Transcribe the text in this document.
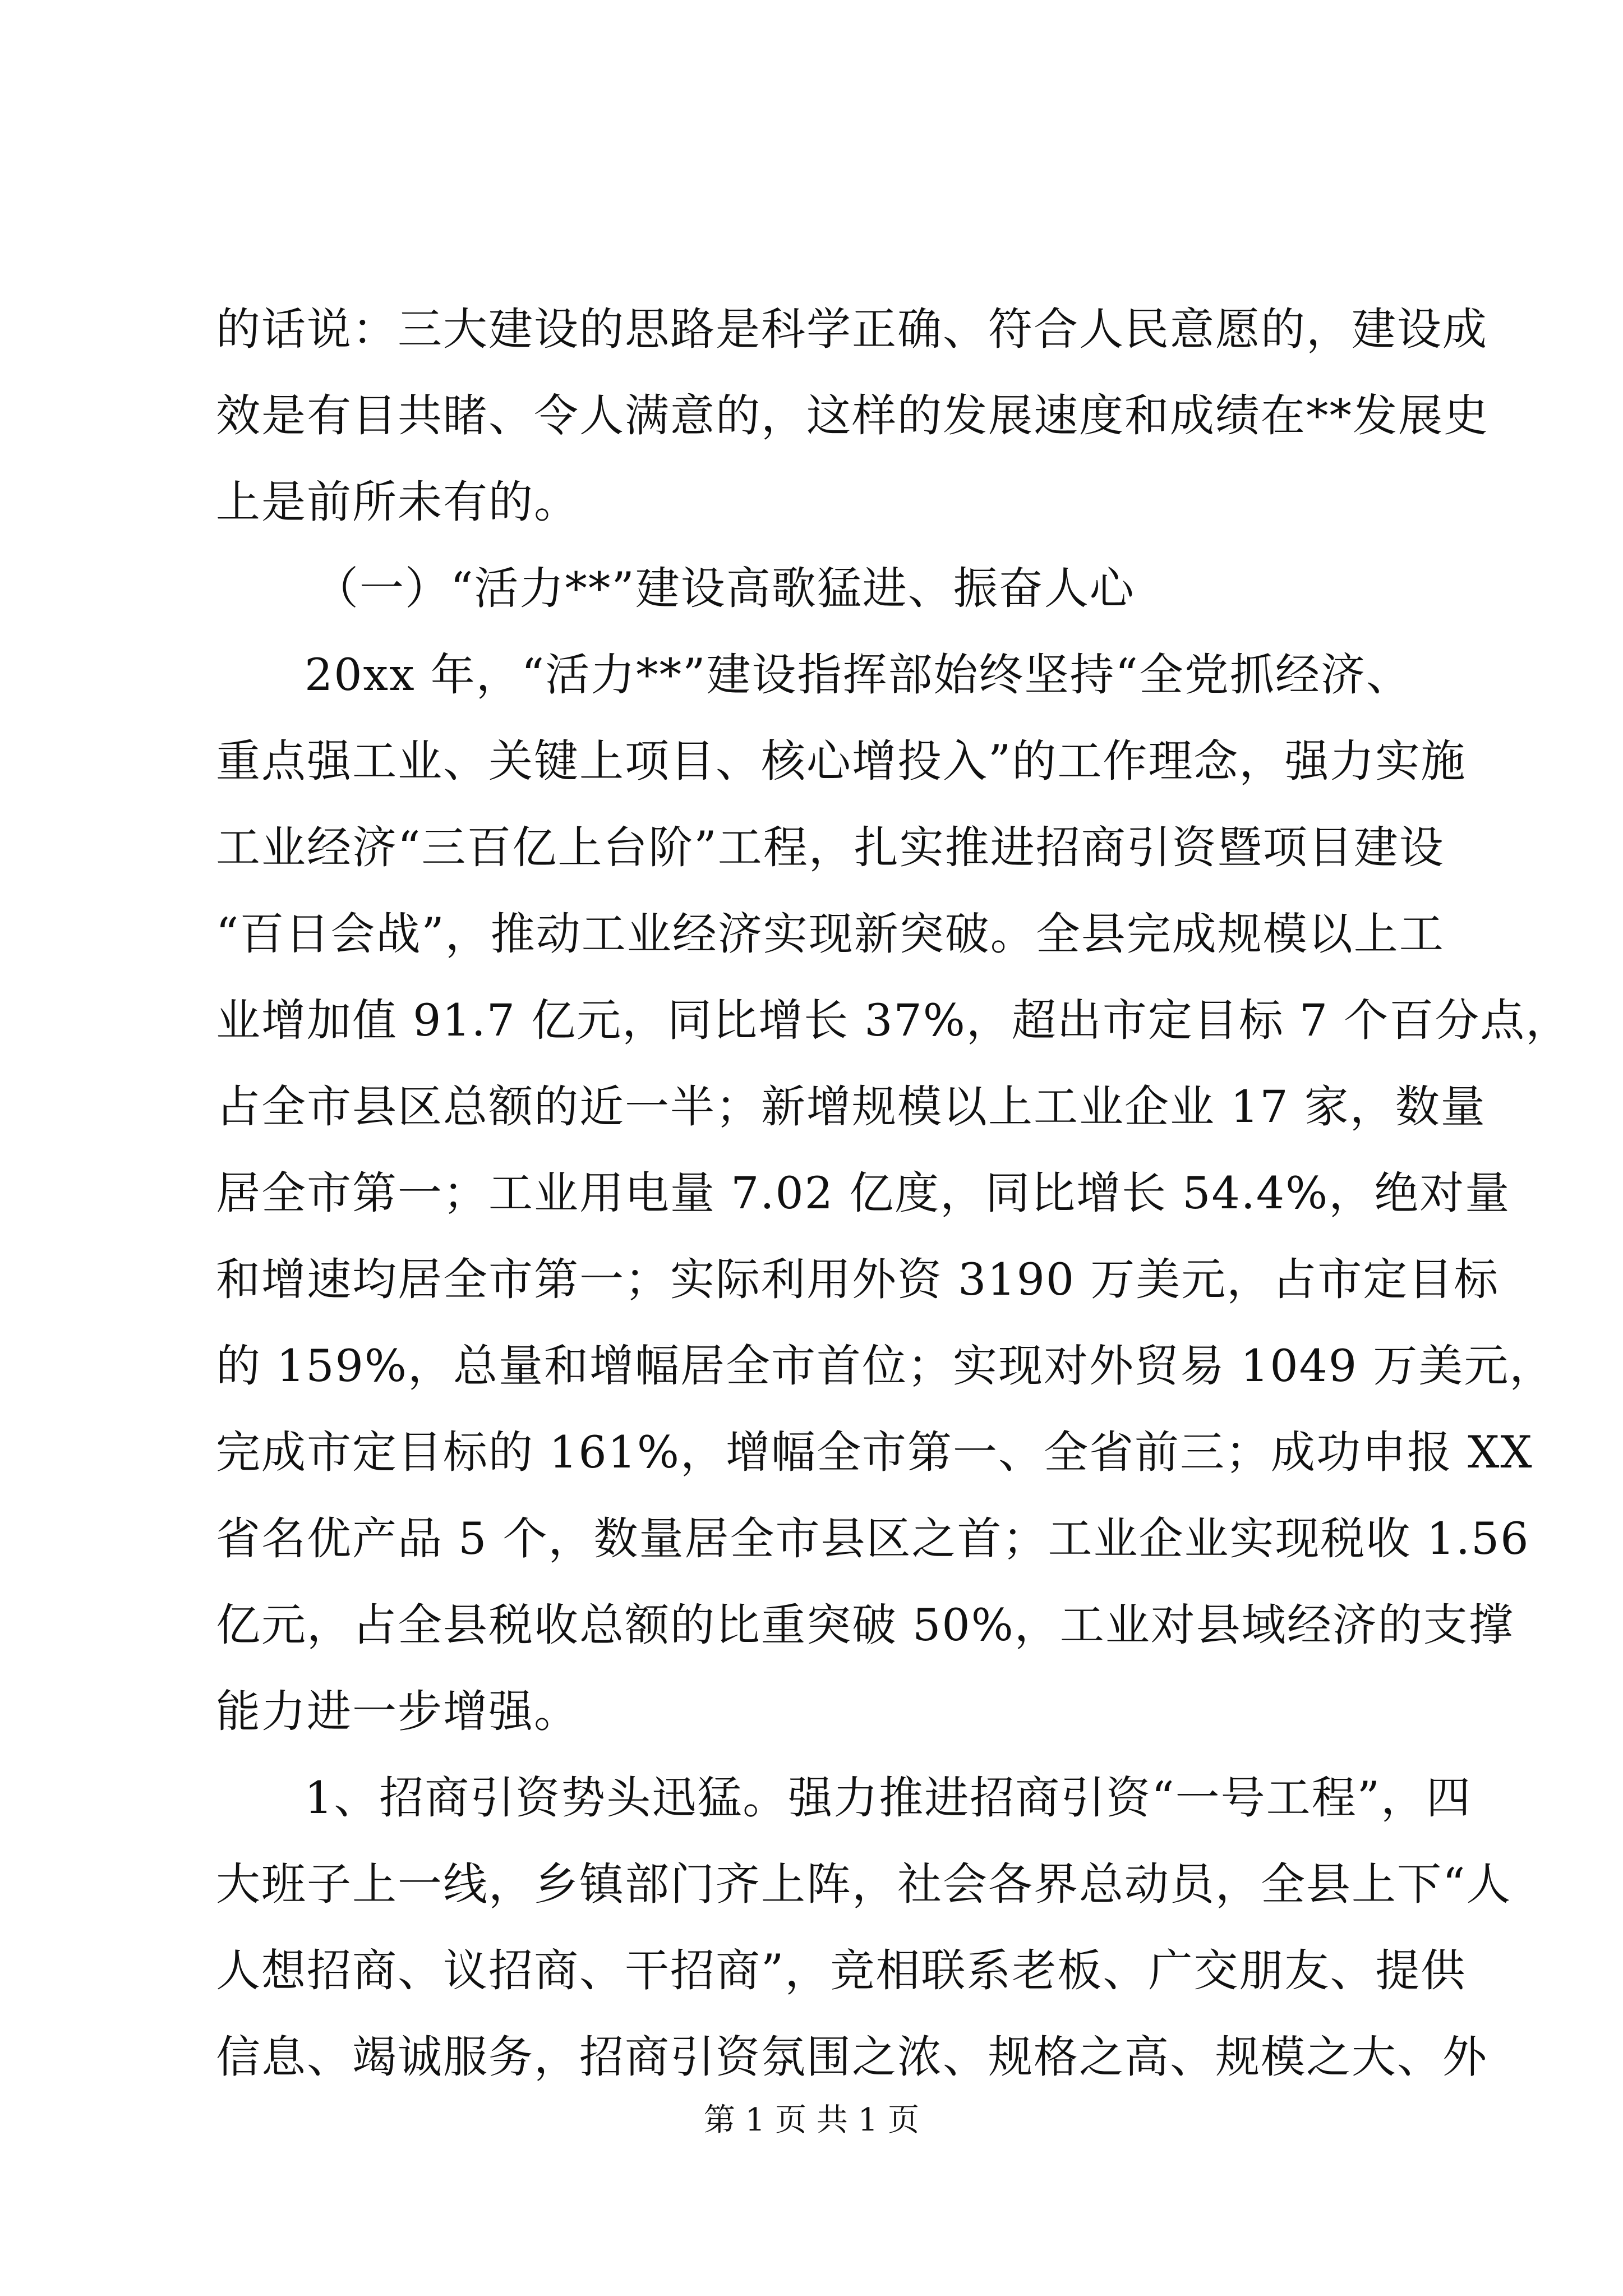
的话说：三大建设的思路是科学正确、符合人民意愿的，建设成
效是有目共睹、令人满意的，这样的发展速度和成绩在**发展史
上是前所未有的。
（一）“活力**”建设高歌猛进、振奋人心
20xx 年，“活力**”建设指挥部始终坚持“全党抓经济、
重点强工业、关键上项目、核心增投入”的工作理念，强力实施
工业经济“三百亿上台阶”工程，扎实推进招商引资暨项目建设
“百日会战”，推动工业经济实现新突破。全县完成规模以上工
业增加值 91.7 亿元，同比增长 37%，超出市定目标 7 个百分点，
占全市县区总额的近一半；新增规模以上工业企业 17 家，数量
居全市第一；工业用电量 7.02 亿度，同比增长 54.4%，绝对量
和增速均居全市第一；实际利用外资 3190 万美元，占市定目标
的 159%，总量和增幅居全市首位；实现对外贸易 1049 万美元，
完成市定目标的 161%，增幅全市第一、全省前三；成功申报 XX
省名优产品 5 个，数量居全市县区之首；工业企业实现税收 1.56
亿元，占全县税收总额的比重突破 50%，工业对县域经济的支撑
能力进一步增强。
1、招商引资势头迅猛。强力推进招商引资“一号工程”，四
大班子上一线，乡镇部门齐上阵，社会各界总动员，全县上下“人
人想招商、议招商、干招商”，竞相联系老板、广交朋友、提供
信息、竭诚服务，招商引资氛围之浓、规格之高、规模之大、外
第 1 页 共 1 页
